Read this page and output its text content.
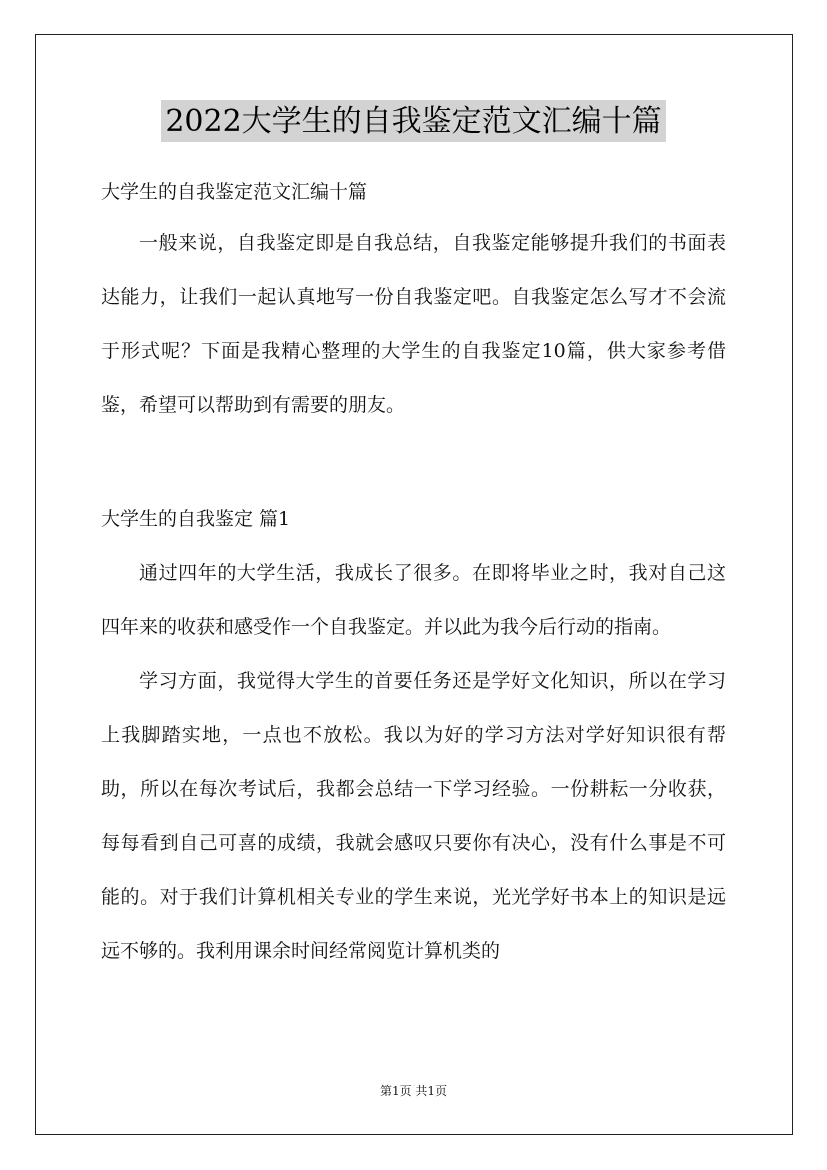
2022大学生的自我鉴定范文汇编十篇
大学生的自我鉴定范文汇编十篇

一般来说，自我鉴定即是自我总结，自我鉴定能够提升我们的书面表达能力，让我们一起认真地写一份自我鉴定吧。自我鉴定怎么写才不会流于形式呢？下面是我精心整理的大学生的自我鉴定10篇，供大家参考借鉴，希望可以帮助到有需要的朋友。

大学生的自我鉴定 篇1

通过四年的大学生活，我成长了很多。在即将毕业之时，我对自己这四年来的收获和感受作一个自我鉴定。并以此为我今后行动的指南。

学习方面，我觉得大学生的首要任务还是学好文化知识，所以在学习上我脚踏实地，一点也不放松。我以为好的学习方法对学好知识很有帮助，所以在每次考试后，我都会总结一下学习经验。一份耕耘一分收获，每每看到自己可喜的成绩，我就会感叹只要你有决心，没有什么事是不可能的。对于我们计算机相关专业的学生来说，光光学好书本上的知识是远远不够的。我利用课余时间经常阅览计算机类的

第1页 共1页
